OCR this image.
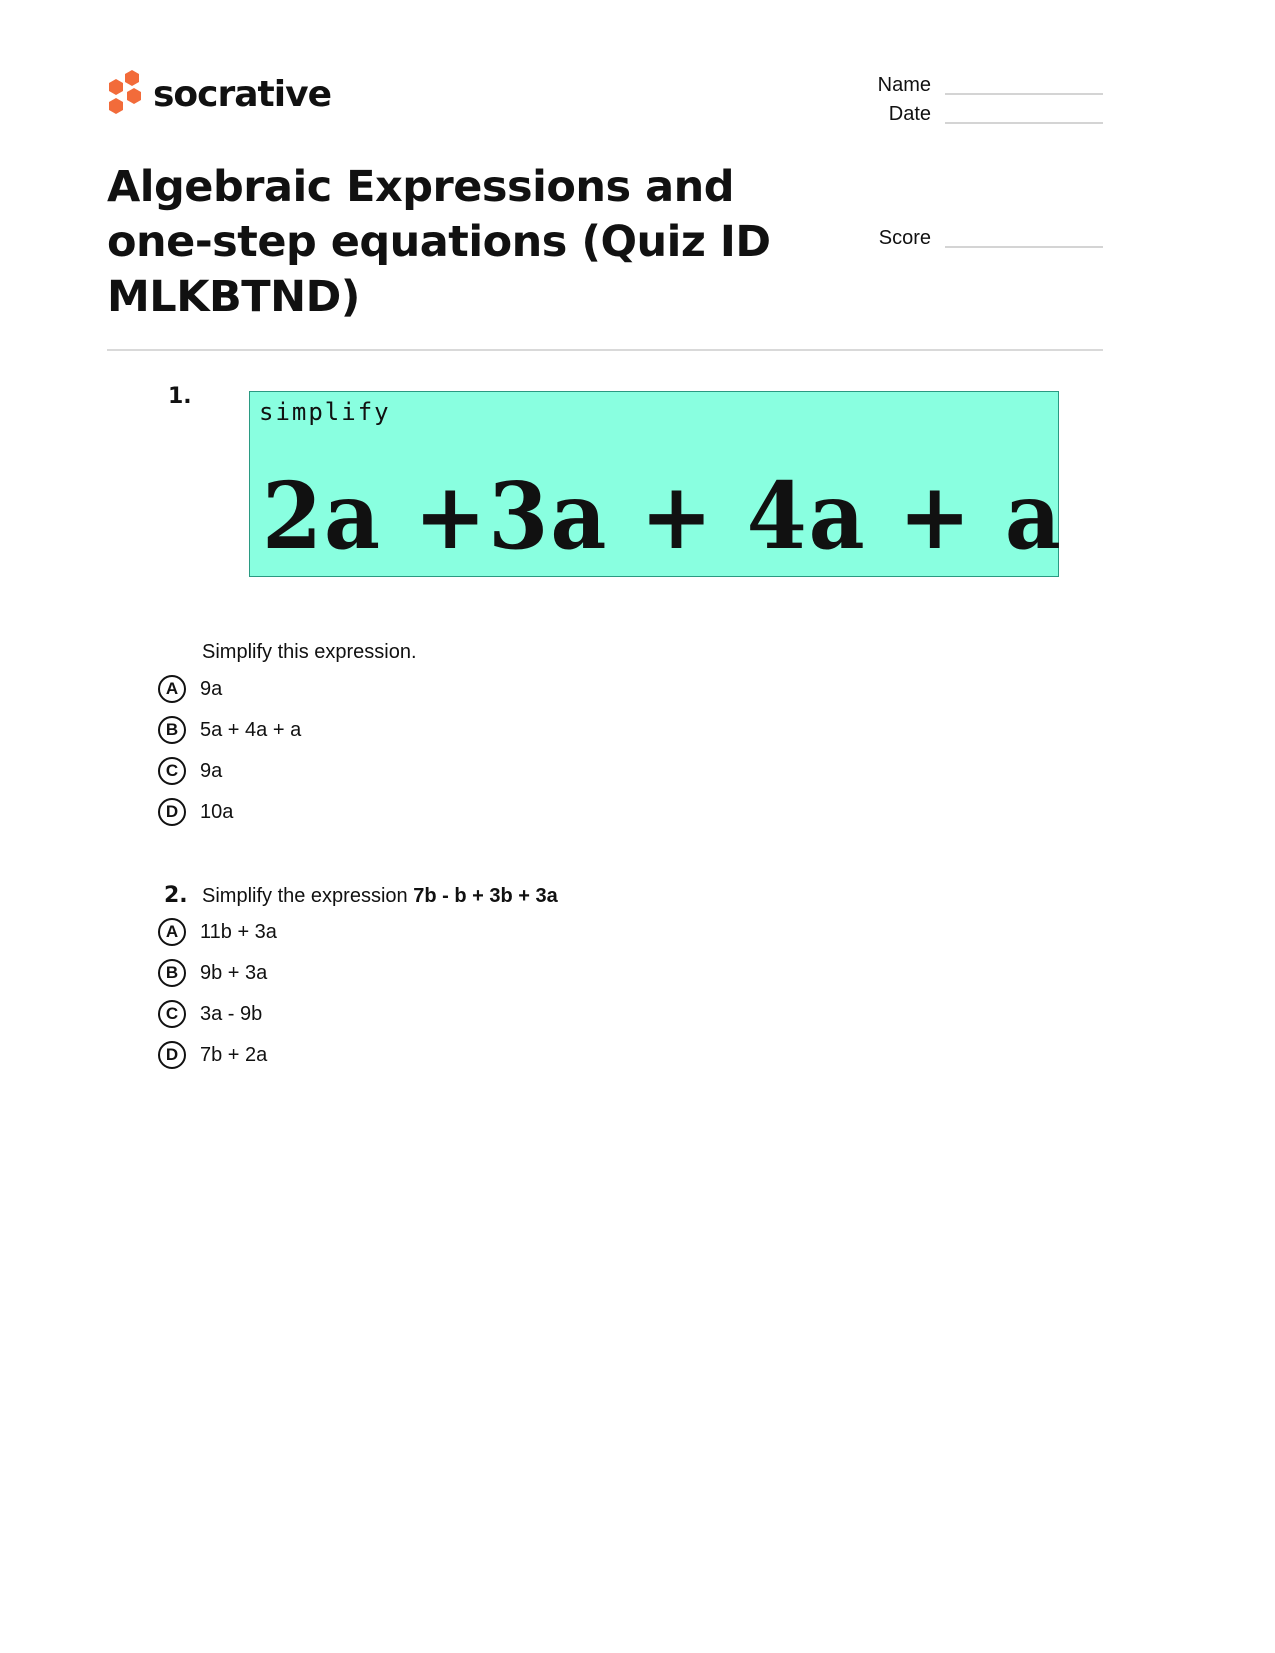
socrative	Name
Date
Score
Algebraic Expressions and one-step equations (Quiz ID MLKBTND)
1.
simplify
2a +3a + 4a + a
Simplify this expression.
A	9a
B	5a + 4a + a
C	9a
D	10a
2. Simplify the expression 7b - b + 3b + 3a
A	11b + 3a
B	9b + 3a
C	3a - 9b
D	7b + 2a
